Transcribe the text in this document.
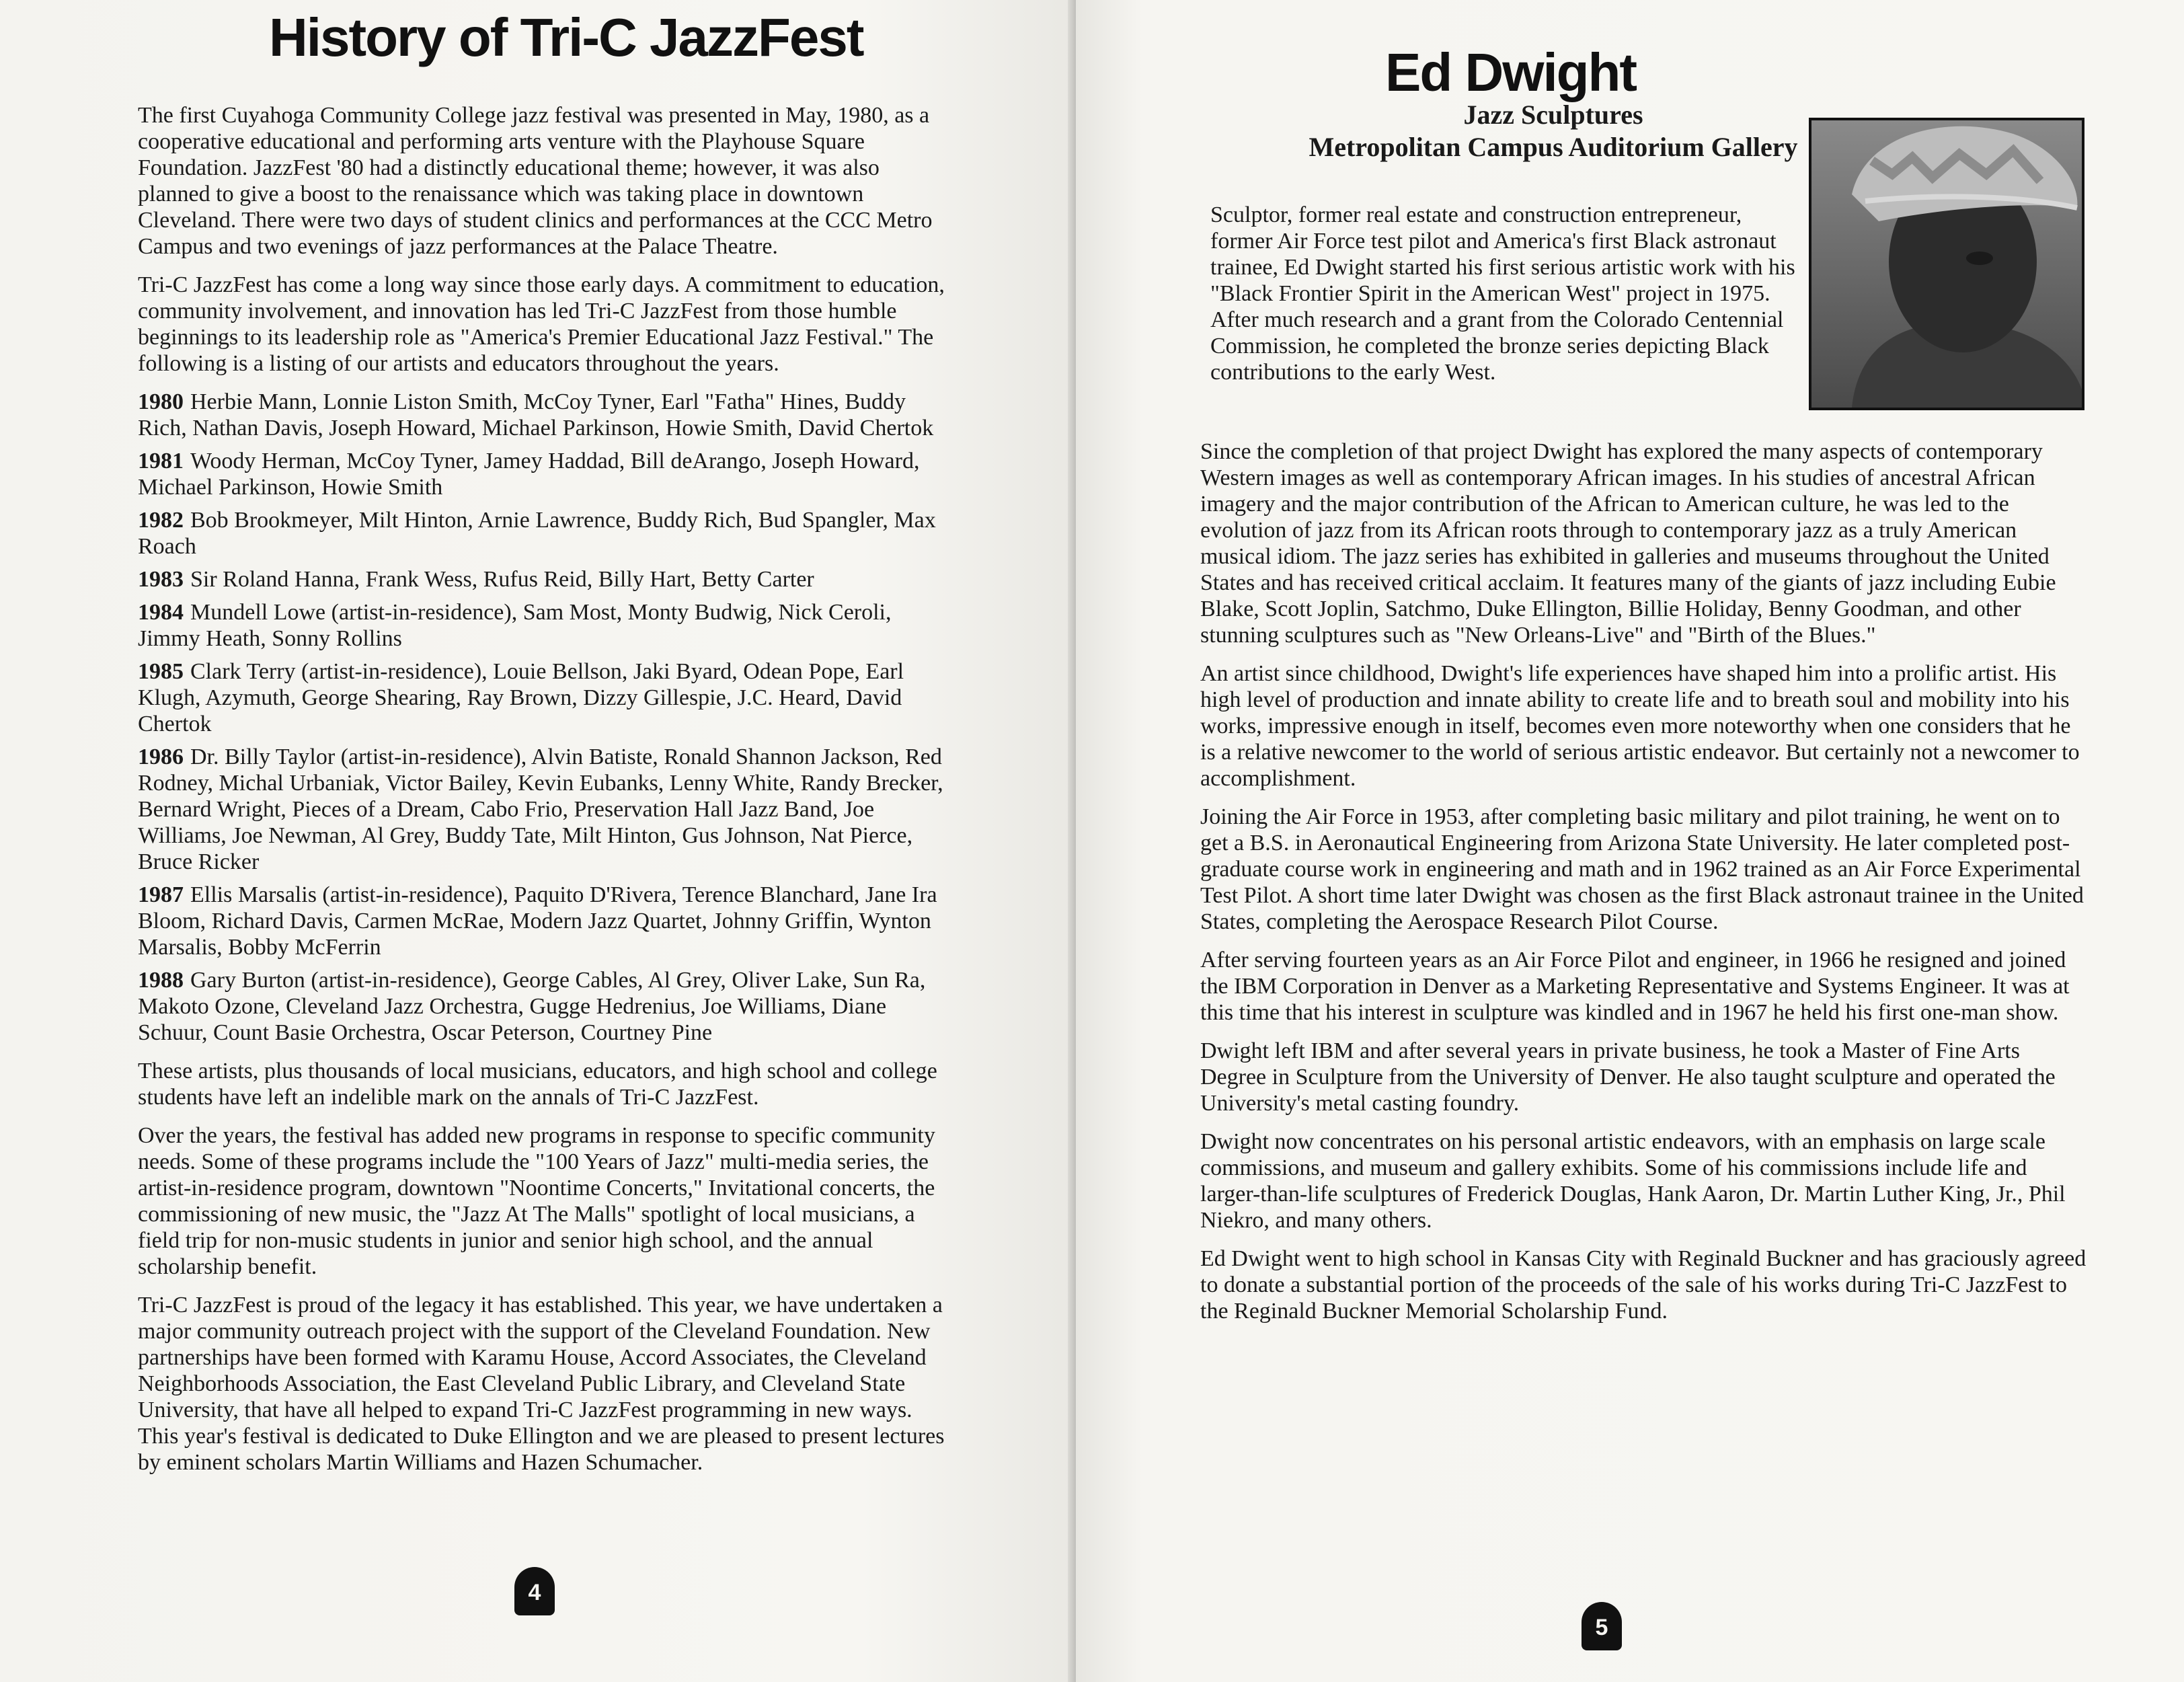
History of Tri-C JazzFest

The first Cuyahoga Community College jazz festival was presented in May, 1980, as a cooperative educational and performing arts venture with the Playhouse Square Foundation. JazzFest '80 had a distinctly educational theme; however, it was also planned to give a boost to the renaissance which was taking place in downtown Cleveland. There were two days of student clinics and performances at the CCC Metro Campus and two evenings of jazz performances at the Palace Theatre.

Tri-C JazzFest has come a long way since those early days. A commitment to education, community involvement, and innovation has led Tri-C JazzFest from those humble beginnings to its leadership role as "America's Premier Educational Jazz Festival." The following is a listing of our artists and educators throughout the years.

1980 Herbie Mann, Lonnie Liston Smith, McCoy Tyner, Earl "Fatha" Hines, Buddy Rich, Nathan Davis, Joseph Howard, Michael Parkinson, Howie Smith, David Chertok
1981 Woody Herman, McCoy Tyner, Jamey Haddad, Bill deArango, Joseph Howard, Michael Parkinson, Howie Smith
1982 Bob Brookmeyer, Milt Hinton, Arnie Lawrence, Buddy Rich, Bud Spangler, Max Roach
1983 Sir Roland Hanna, Frank Wess, Rufus Reid, Billy Hart, Betty Carter
1984 Mundell Lowe (artist-in-residence), Sam Most, Monty Budwig, Nick Ceroli, Jimmy Heath, Sonny Rollins
1985 Clark Terry (artist-in-residence), Louie Bellson, Jaki Byard, Odean Pope, Earl Klugh, Azymuth, George Shearing, Ray Brown, Dizzy Gillespie, J.C. Heard, David Chertok
1986 Dr. Billy Taylor (artist-in-residence), Alvin Batiste, Ronald Shannon Jackson, Red Rodney, Michal Urbaniak, Victor Bailey, Kevin Eubanks, Lenny White, Randy Brecker, Bernard Wright, Pieces of a Dream, Cabo Frio, Preservation Hall Jazz Band, Joe Williams, Joe Newman, Al Grey, Buddy Tate, Milt Hinton, Gus Johnson, Nat Pierce, Bruce Ricker
1987 Ellis Marsalis (artist-in-residence), Paquito D'Rivera, Terence Blanchard, Jane Ira Bloom, Richard Davis, Carmen McRae, Modern Jazz Quartet, Johnny Griffin, Wynton Marsalis, Bobby McFerrin
1988 Gary Burton (artist-in-residence), George Cables, Al Grey, Oliver Lake, Sun Ra, Makoto Ozone, Cleveland Jazz Orchestra, Gugge Hedrenius, Joe Williams, Diane Schuur, Count Basie Orchestra, Oscar Peterson, Courtney Pine

These artists, plus thousands of local musicians, educators, and high school and college students have left an indelible mark on the annals of Tri-C JazzFest.

Over the years, the festival has added new programs in response to specific community needs. Some of these programs include the "100 Years of Jazz" multi-media series, the artist-in-residence program, downtown "Noontime Concerts," Invitational concerts, the commissioning of new music, the "Jazz At The Malls" spotlight of local musicians, a field trip for non-music students in junior and senior high school, and the annual scholarship benefit.

Tri-C JazzFest is proud of the legacy it has established. This year, we have undertaken a major community outreach project with the support of the Cleveland Foundation. New partnerships have been formed with Karamu House, Accord Associates, the Cleveland Neighborhoods Association, the East Cleveland Public Library, and Cleveland State University, that have all helped to expand Tri-C JazzFest programming in new ways. This year's festival is dedicated to Duke Ellington and we are pleased to present lectures by eminent scholars Martin Williams and Hazen Schumacher.

4
Ed Dwight
Jazz Sculptures
Metropolitan Campus Auditorium Gallery

Sculptor, former real estate and construction entrepreneur, former Air Force test pilot and America's first Black astronaut trainee, Ed Dwight started his first serious artistic work with his "Black Frontier Spirit in the American West" project in 1975. After much research and a grant from the Colorado Centennial Commission, he completed the bronze series depicting Black contributions to the early West.

Since the completion of that project Dwight has explored the many aspects of contemporary Western images as well as contemporary African images. In his studies of ancestral African imagery and the major contribution of the African to American culture, he was led to the evolution of jazz from its African roots through to contemporary jazz as a truly American musical idiom. The jazz series has exhibited in galleries and museums throughout the United States and has received critical acclaim. It features many of the giants of jazz including Eubie Blake, Scott Joplin, Satchmo, Duke Ellington, Billie Holiday, Benny Goodman, and other stunning sculptures such as "New Orleans-Live" and "Birth of the Blues."

An artist since childhood, Dwight's life experiences have shaped him into a prolific artist. His high level of production and innate ability to create life and to breath soul and mobility into his works, impressive enough in itself, becomes even more noteworthy when one considers that he is a relative newcomer to the world of serious artistic endeavor. But certainly not a newcomer to accomplishment.

Joining the Air Force in 1953, after completing basic military and pilot training, he went on to get a B.S. in Aeronautical Engineering from Arizona State University. He later completed post-graduate course work in engineering and math and in 1962 trained as an Air Force Experimental Test Pilot. A short time later Dwight was chosen as the first Black astronaut trainee in the United States, completing the Aerospace Research Pilot Course.

After serving fourteen years as an Air Force Pilot and engineer, in 1966 he resigned and joined the IBM Corporation in Denver as a Marketing Representative and Systems Engineer. It was at this time that his interest in sculpture was kindled and in 1967 he held his first one-man show.

Dwight left IBM and after several years in private business, he took a Master of Fine Arts Degree in Sculpture from the University of Denver. He also taught sculpture and operated the University's metal casting foundry.

Dwight now concentrates on his personal artistic endeavors, with an emphasis on large scale commissions, and museum and gallery exhibits. Some of his commissions include life and larger-than-life sculptures of Frederick Douglas, Hank Aaron, Dr. Martin Luther King, Jr., Phil Niekro, and many others.

Ed Dwight went to high school in Kansas City with Reginald Buckner and has graciously agreed to donate a substantial portion of the proceeds of the sale of his works during Tri-C JazzFest to the Reginald Buckner Memorial Scholarship Fund.

5
